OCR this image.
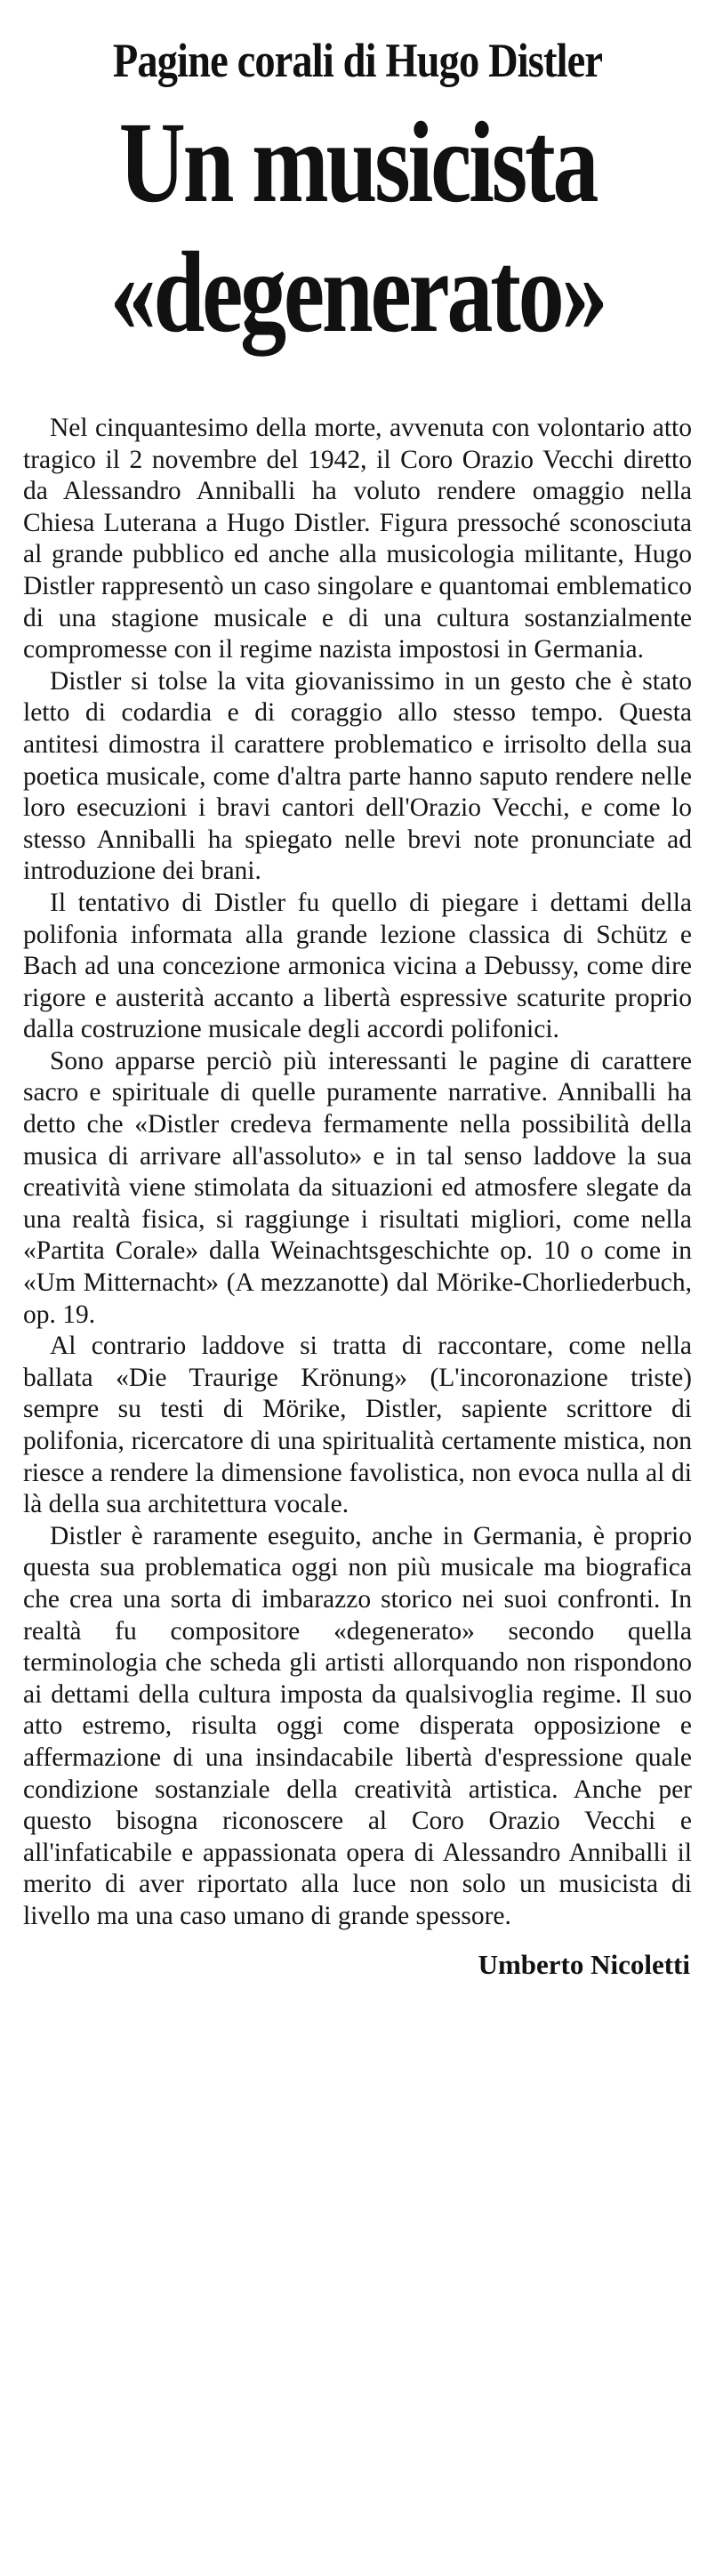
Pagine corali di Hugo Distler
Un musicista
«degenerato»

Nel cinquantesimo della morte, avvenuta con volontario atto tragico il 2 novembre del 1942, il Coro Orazio Vecchi diretto da Alessandro Anniballi ha voluto rendere omaggio nella Chiesa Luterana a Hugo Distler. Figura pressoché sconosciuta al grande pubblico ed anche alla musicologia militante, Hugo Distler rappresentò un caso singolare e quantomai emblematico di una stagione musicale e di una cultura sostanzialmente compromesse con il regime nazista impostosi in Germania.

Distler si tolse la vita giovanissimo in un gesto che è stato letto di codardia e di coraggio allo stesso tempo. Questa antitesi dimostra il carattere problematico e irrisolto della sua poetica musicale, come d'altra parte hanno saputo rendere nelle loro esecuzioni i bravi cantori dell'Orazio Vecchi, e come lo stesso Anniballi ha spiegato nelle brevi note pronunciate ad introduzione dei brani.

Il tentativo di Distler fu quello di piegare i dettami della polifonia informata alla grande lezione classica di Schütz e Bach ad una concezione armonica vicina a Debussy, come dire rigore e austerità accanto a libertà espressive scaturite proprio dalla costruzione musicale degli accordi polifonici.

Sono apparse perciò più interessanti le pagine di carattere sacro e spirituale di quelle puramente narrative. Anniballi ha detto che «Distler credeva fermamente nella possibilità della musica di arrivare all'assoluto» e in tal senso laddove la sua creatività viene stimolata da situazioni ed atmosfere slegate da una realtà fisica, si raggiunge i risultati migliori, come nella «Partita Corale» dalla Weinachtsgeschichte op. 10 o come in «Um Mitternacht» (A mezzanotte) dal Mörike-Chorliederbuch, op. 19.

Al contrario laddove si tratta di raccontare, come nella ballata «Die Traurige Krönung» (L'incoronazione triste) sempre su testi di Mörike, Distler, sapiente scrittore di polifonia, ricercatore di una spiritualità certamente mistica, non riesce a rendere la dimensione favolistica, non evoca nulla al di là della sua architettura vocale.

Distler è raramente eseguito, anche in Germania, è proprio questa sua problematica oggi non più musicale ma biografica che crea una sorta di imbarazzo storico nei suoi confronti. In realtà fu compositore «degenerato» secondo quella terminologia che scheda gli artisti allorquando non rispondono ai dettami della cultura imposta da qualsivoglia regime. Il suo atto estremo, risulta oggi come disperata opposizione e affermazione di una insindacabile libertà d'espressione quale condizione sostanziale della creatività artistica. Anche per questo bisogna riconoscere al Coro Orazio Vecchi e all'infaticabile e appassionata opera di Alessandro Anniballi il merito di aver riportato alla luce non solo un musicista di livello ma una caso umano di grande spessore.

Umberto Nicoletti
